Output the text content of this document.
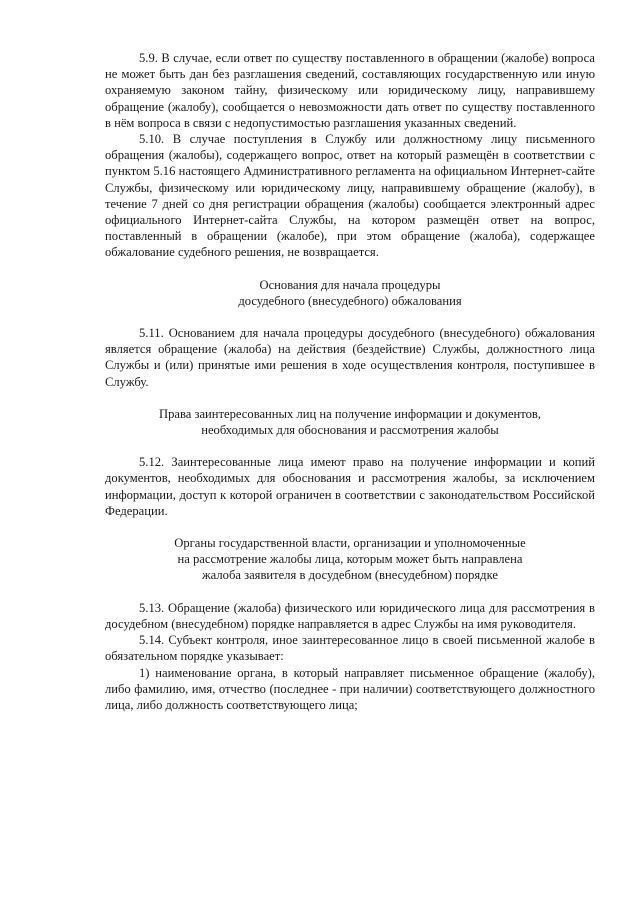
5.9. В случае, если ответ по существу поставленного в обращении (жалобе) вопроса не может быть дан без разглашения сведений, составляющих государственную или иную охраняемую законом тайну, физическому или юридическому лицу, направившему обращение (жалобу), сообщается о невозможности дать ответ по существу поставленного в нём вопроса в связи с недопустимостью разглашения указанных сведений.

5.10. В случае поступления в Службу или должностному лицу письменного обращения (жалобы), содержащего вопрос, ответ на который размещён в соответствии с пунктом 5.16 настоящего Административного регламента на официальном Интернет-сайте Службы, физическому или юридическому лицу, направившему обращение (жалобу), в течение 7 дней со дня регистрации обращения (жалобы) сообщается электронный адрес официального Интернет-сайта Службы, на котором размещён ответ на вопрос, поставленный в обращении (жалобе), при этом обращение (жалоба), содержащее обжалование судебного решения, не возвращается.

Основания для начала процедуры
досудебного (внесудебного) обжалования

5.11. Основанием для начала процедуры досудебного (внесудебного) обжалования является обращение (жалоба) на действия (бездействие) Службы, должностного лица Службы и (или) принятые ими решения в ходе осуществления контроля, поступившее в Службу.

Права заинтересованных лиц на получение информации и документов,
необходимых для обоснования и рассмотрения жалобы

5.12. Заинтересованные лица имеют право на получение информации и копий документов, необходимых для обоснования и рассмотрения жалобы, за исключением информации, доступ к которой ограничен в соответствии с законодательством Российской Федерации.

Органы государственной власти, организации и уполномоченные
на рассмотрение жалобы лица, которым может быть направлена
жалоба заявителя в досудебном (внесудебном) порядке

5.13. Обращение (жалоба) физического или юридического лица для рассмотрения в досудебном (внесудебном) порядке направляется в адрес Службы на имя руководителя.

5.14. Субъект контроля, иное заинтересованное лицо в своей письменной жалобе в обязательном порядке указывает:

1) наименование органа, в который направляет письменное обращение (жалобу), либо фамилию, имя, отчество (последнее - при наличии) соответствующего должностного лица, либо должность соответствующего лица;
